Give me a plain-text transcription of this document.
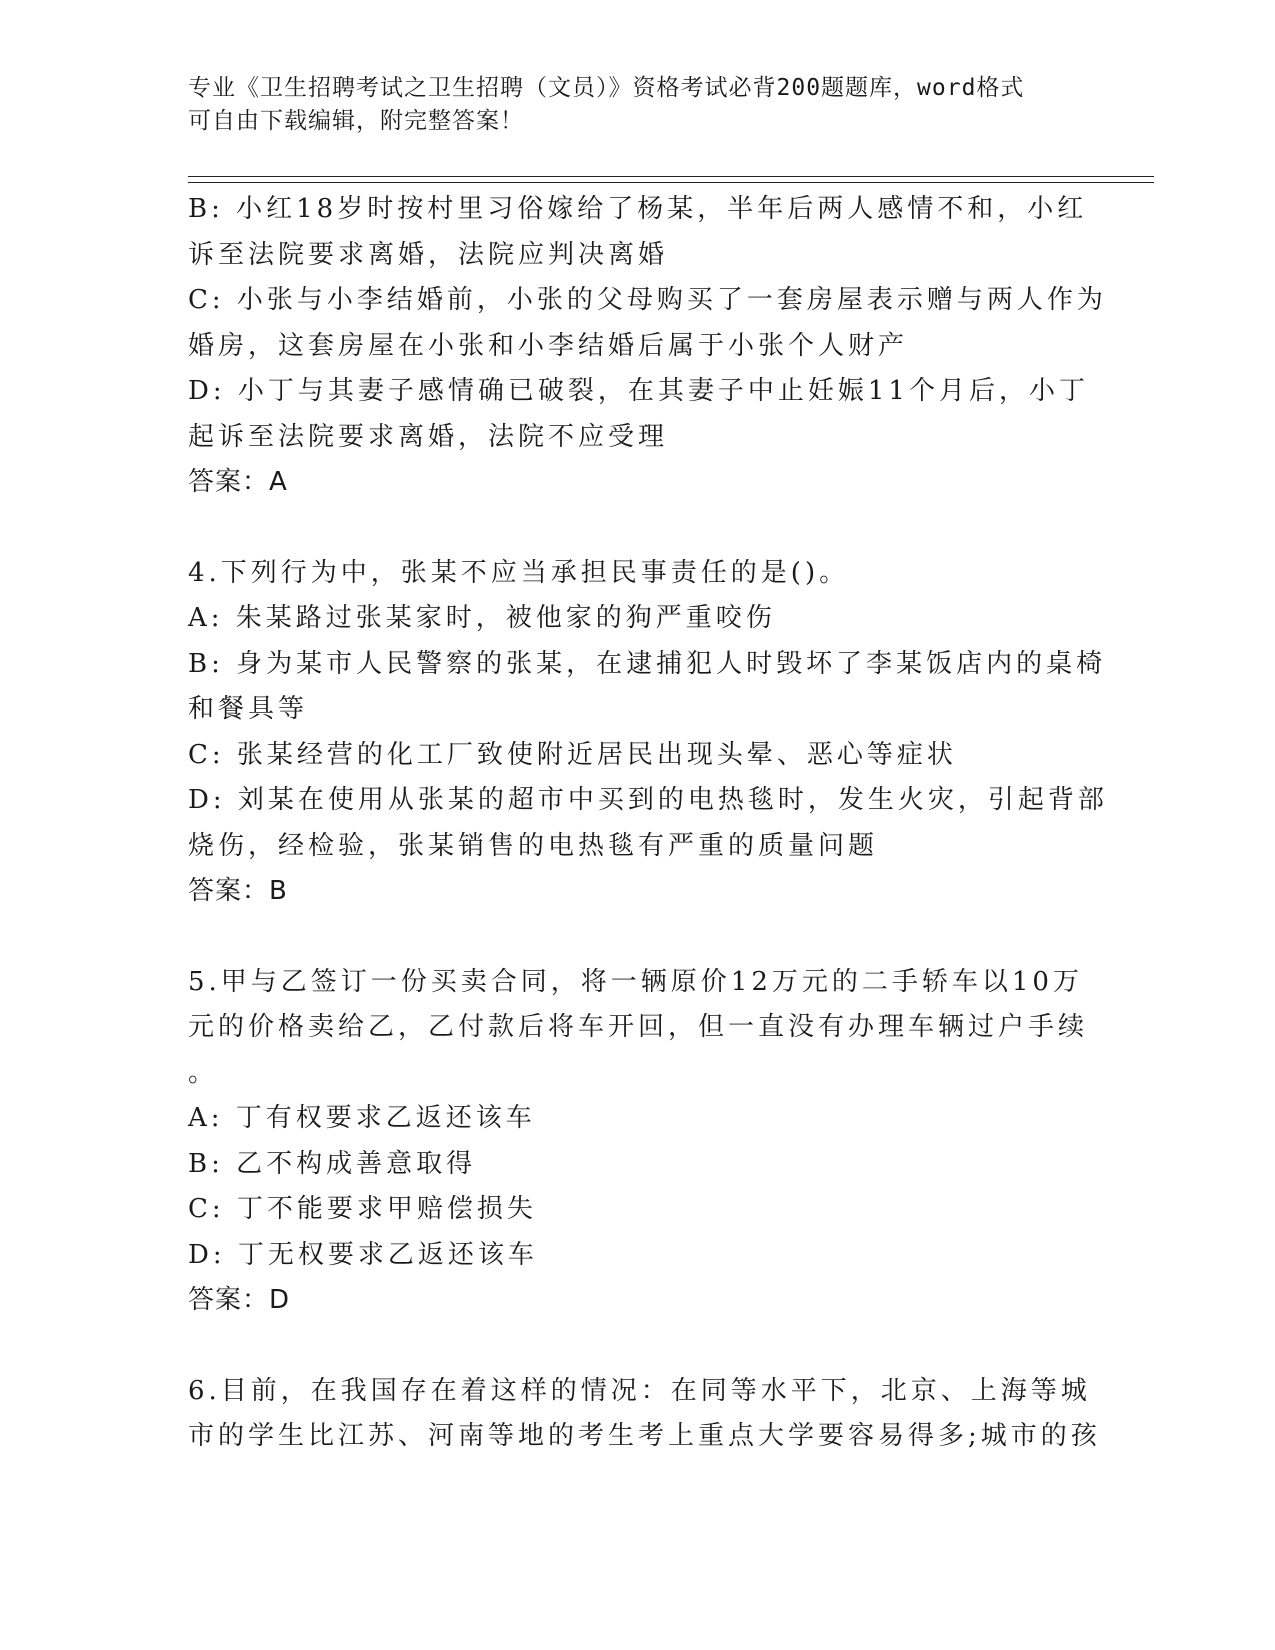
专业《卫生招聘考试之卫生招聘（文员）》资格考试必背200题题库，word格式
可自由下载编辑，附完整答案！
B: 小红18岁时按村里习俗嫁给了杨某，半年后两人感情不和，小红
诉至法院要求离婚，法院应判决离婚
C: 小张与小李结婚前，小张的父母购买了一套房屋表示赠与两人作为
婚房，这套房屋在小张和小李结婚后属于小张个人财产
D: 小丁与其妻子感情确已破裂，在其妻子中止妊娠11个月后，小丁
起诉至法院要求离婚，法院不应受理
答案：A
4.下列行为中，张某不应当承担民事责任的是()。
A: 朱某路过张某家时，被他家的狗严重咬伤
B: 身为某市人民警察的张某，在逮捕犯人时毁坏了李某饭店内的桌椅
和餐具等
C: 张某经营的化工厂致使附近居民出现头晕、恶心等症状
D: 刘某在使用从张某的超市中买到的电热毯时，发生火灾，引起背部
烧伤，经检验，张某销售的电热毯有严重的质量问题
答案：B
5.甲与乙签订一份买卖合同，将一辆原价12万元的二手轿车以10万
元的价格卖给乙，乙付款后将车开回，但一直没有办理车辆过户手续
。
A: 丁有权要求乙返还该车
B: 乙不构成善意取得
C: 丁不能要求甲赔偿损失
D: 丁无权要求乙返还该车
答案：D
6.目前，在我国存在着这样的情况：在同等水平下，北京、上海等城
市的学生比江苏、河南等地的考生考上重点大学要容易得多;城市的孩
